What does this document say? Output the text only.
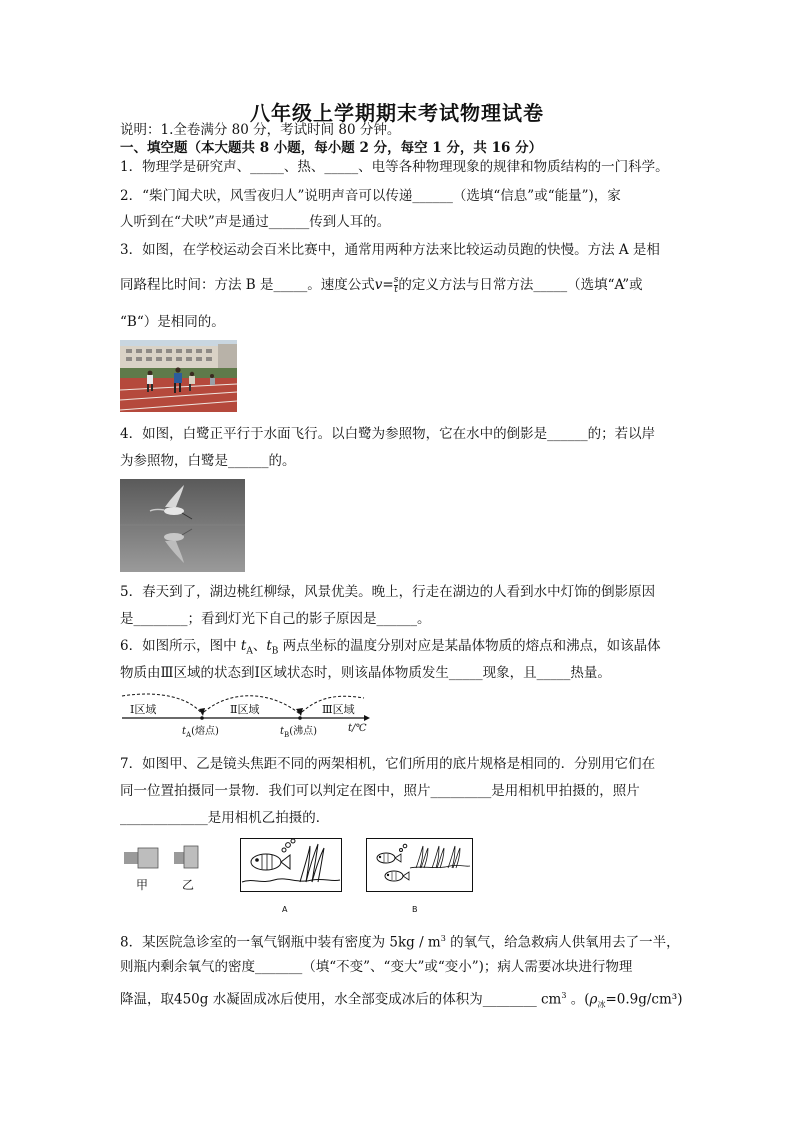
八年级上学期期末考试物理试卷
说明：1.全卷满分 80 分，考试时间 80 分钟。
一、填空题（本大题共 8 小题，每小题 2 分，每空 1 分，共 16 分）
1．物理学是研究声、_____、热、_____、电等各种物理现象的规律和物质结构的一门科学。
2．“柴门闻犬吠，风雪夜归人”说明声音可以传递______（选填“信息”或“能量”)，家
人听到在“犬吠”声是通过______传到人耳的。
3．如图，在学校运动会百米比赛中，通常用两种方法来比较运动员跑的快慢。方法 A 是相
同路程比时间：方法 B 是_____。速度公式$v= \frac{s}{t}$ 的定义方法与日常方法_____（选填“A”或
“B“）是相同的。
4．如图，白鹭正平行于水面飞行。以白鹭为参照物，它在水中的倒影是______的；若以岸
为参照物，白鹭是______的。
5．春天到了，湖边桃红柳绿，风景优美。晚上，行走在湖边的人看到水中灯饰的倒影原因
是________；看到灯光下自己的影子原因是______。
6．如图所示，图中 $t_A$、$t_B$ 两点坐标的温度分别对应是某晶体物质的熔点和沸点，如该晶体
物质由Ⅲ区域的状态到Ⅰ区域状态时，则该晶体物质发生_____现象，且_____热量。
Ⅰ区域	Ⅱ区域	Ⅲ区域
$t_A$(熔点)	$t_B$(沸点)	t/℃
7．如图甲、乙是镜头焦距不同的两架相机，它们所用的底片规格是相同的．分别用它们在
同一位置拍摄同一景物．我们可以判定在图中，照片_________是用相机甲拍摄的，照片
_____________是用相机乙拍摄的．
甲	乙
A	B
8．某医院急诊室的一氧气钢瓶中装有密度为 $5kg / m^3$ 的氧气，给急救病人供氧用去了一半，
则瓶内剩余氧气的密度_______（填“不变”、“变大”或“变小”)；病人需要冰块进行物理
降温，取450g 水凝固成冰后使用，水全部变成冰后的体积为________ $cm^3$ 。$(\rho_冰=0.9g/cm^3)$
